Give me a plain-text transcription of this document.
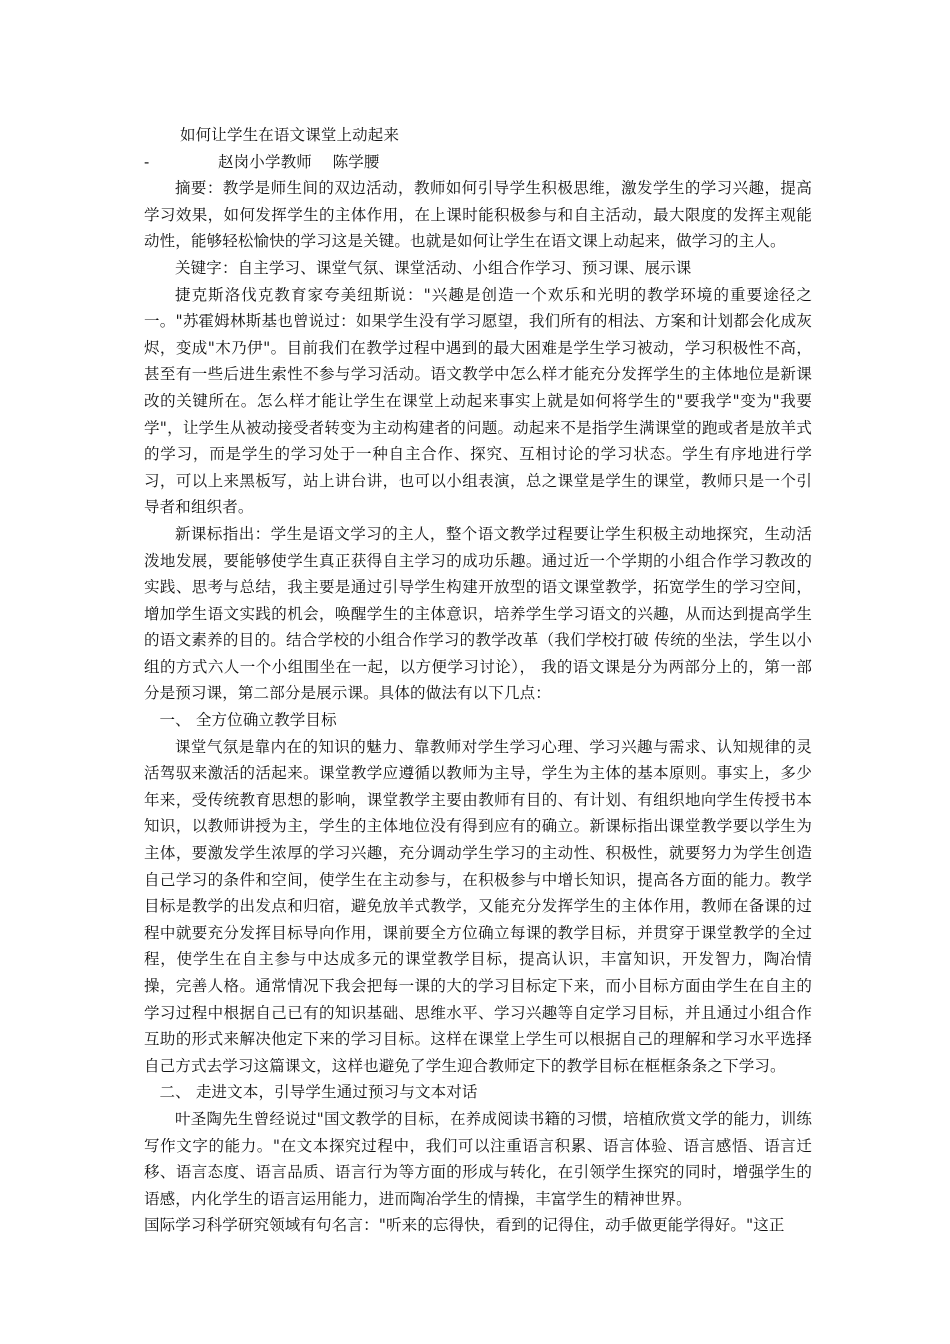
如何让学生在语文课堂上动起来

-	赵岗小学教师　 陈学腰

摘要：教学是师生间的双边活动，教师如何引导学生积极思维，激发学生的学习兴趣，提高学习效果，如何发挥学生的主体作用，在上课时能积极参与和自主活动，最大限度的发挥主观能动性，能够轻松愉快的学习这是关键。也就是如何让学生在语文课上动起来，做学习的主人。

关键字：自主学习、课堂气氛、课堂活动、小组合作学习、预习课、展示课

捷克斯洛伐克教育家夸美纽斯说："兴趣是创造一个欢乐和光明的教学环境的重要途径之一。"苏霍姆林斯基也曾说过：如果学生没有学习愿望，我们所有的相法、方案和计划都会化成灰烬，变成"木乃伊"。目前我们在教学过程中遇到的最大困难是学生学习被动，学习积极性不高，甚至有一些后进生索性不参与学习活动。语文教学中怎么样才能充分发挥学生的主体地位是新课改的关键所在。怎么样才能让学生在课堂上动起来事实上就是如何将学生的"要我学"变为"我要学"，让学生从被动接受者转变为主动构建者的问题。动起来不是指学生满课堂的跑或者是放羊式的学习，而是学生的学习处于一种自主合作、探究、互相讨论的学习状态。学生有序地进行学习，可以上来黑板写，站上讲台讲，也可以小组表演，总之课堂是学生的课堂，教师只是一个引导者和组织者。

新课标指出：学生是语文学习的主人，整个语文教学过程要让学生积极主动地探究，生动活泼地发展，要能够使学生真正获得自主学习的成功乐趣。通过近一个学期的小组合作学习教改的实践、思考与总结，我主要是通过引导学生构建开放型的语文课堂教学，拓宽学生的学习空间，增加学生语文实践的机会，唤醒学生的主体意识，培养学生学习语文的兴趣，从而达到提高学生的语文素养的目的。结合学校的小组合作学习的教学改革（我们学校打破 传统的坐法，学生以小组的方式六人一个小组围坐在一起，以方便学习讨论）， 我的语文课是分为两部分上的，第一部分是预习课，第二部分是展示课。具体的做法有以下几点：

一、 全方位确立教学目标

课堂气氛是靠内在的知识的魅力、靠教师对学生学习心理、学习兴趣与需求、认知规律的灵活驾驭来激活的活起来。课堂教学应遵循以教师为主导，学生为主体的基本原则。事实上，多少年来，受传统教育思想的影响，课堂教学主要由教师有目的、有计划、有组织地向学生传授书本知识，以教师讲授为主，学生的主体地位没有得到应有的确立。新课标指出课堂教学要以学生为主体，要激发学生浓厚的学习兴趣，充分调动学生学习的主动性、积极性，就要努力为学生创造自己学习的条件和空间，使学生在主动参与，在积极参与中增长知识，提高各方面的能力。教学目标是教学的出发点和归宿，避免放羊式教学，又能充分发挥学生的主体作用，教师在备课的过程中就要充分发挥目标导向作用，课前要全方位确立每课的教学目标，并贯穿于课堂教学的全过程，使学生在自主参与中达成多元的课堂教学目标，提高认识，丰富知识，开发智力，陶冶情操，完善人格。通常情况下我会把每一课的大的学习目标定下来，而小目标方面由学生在自主的学习过程中根据自己已有的知识基础、思维水平、学习兴趣等自定学习目标，并且通过小组合作互助的形式来解决他定下来的学习目标。这样在课堂上学生可以根据自己的理解和学习水平选择自己方式去学习这篇课文，这样也避免了学生迎合教师定下的教学目标在框框条条之下学习。

二、 走进文本，引导学生通过预习与文本对话

叶圣陶先生曾经说过"国文教学的目标，在养成阅读书籍的习惯，培植欣赏文学的能力，训练写作文字的能力。"在文本探究过程中，我们可以注重语言积累、语言体验、语言感悟、语言迁移、语言态度、语言品质、语言行为等方面的形成与转化，在引领学生探究的同时，增强学生的语感，内化学生的语言运用能力，进而陶冶学生的情操，丰富学生的精神世界。

国际学习科学研究领域有句名言："听来的忘得快，看到的记得住，动手做更能学得好。"这正
